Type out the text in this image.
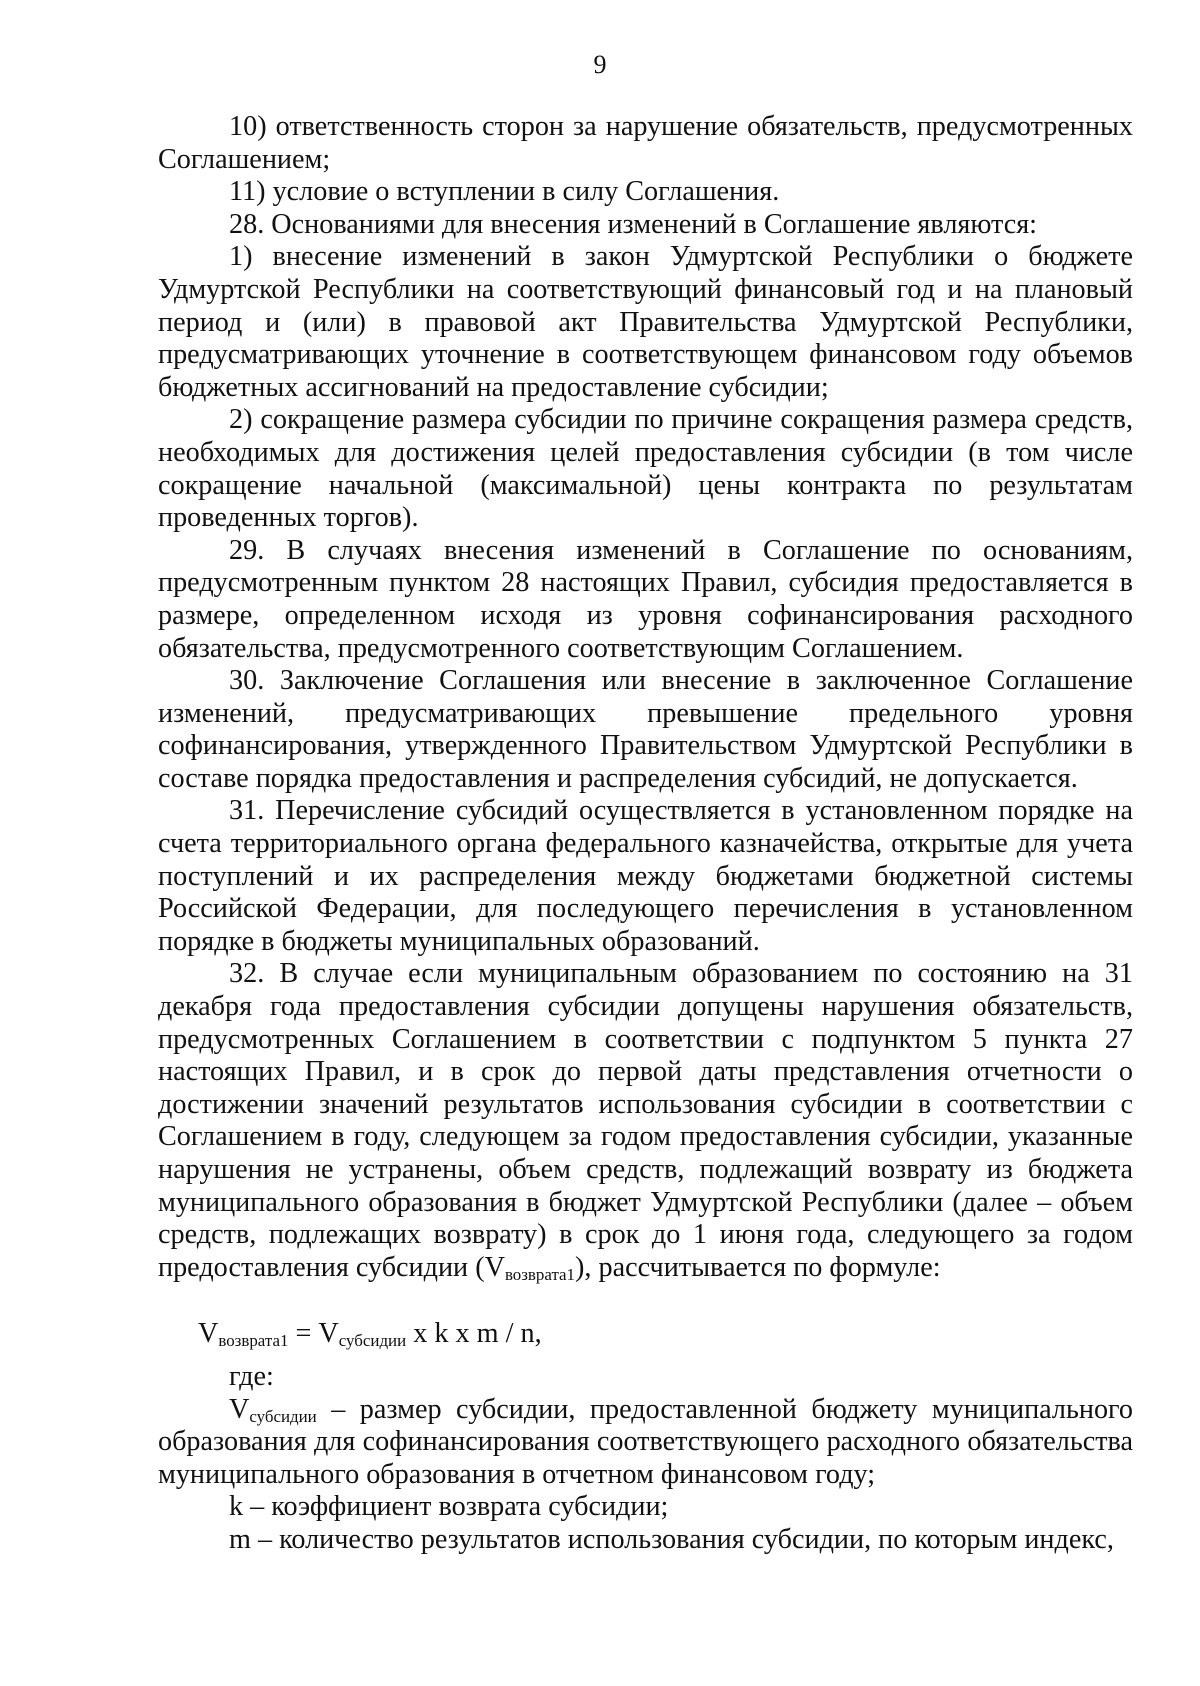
9

10) ответственность сторон за нарушение обязательств, предусмотренных Соглашением;

11) условие о вступлении в силу Соглашения.

28. Основаниями для внесения изменений в Соглашение являются:

1) внесение изменений в закон Удмуртской Республики о бюджете Удмуртской Республики на соответствующий финансовый год и на плановый период и (или) в правовой акт Правительства Удмуртской Республики, предусматривающих уточнение в соответствующем финансовом году объемов бюджетных ассигнований на предоставление субсидии;

2) сокращение размера субсидии по причине сокращения размера средств, необходимых для достижения целей предоставления субсидии (в том числе сокращение начальной (максимальной) цены контракта по результатам проведенных торгов).

29. В случаях внесения изменений в Соглашение по основаниям, предусмотренным пунктом 28 настоящих Правил, субсидия предоставляется в размере, определенном исходя из уровня софинансирования расходного обязательства, предусмотренного соответствующим Соглашением.

30. Заключение Соглашения или внесение в заключенное Соглашение изменений, предусматривающих превышение предельного уровня софинансирования, утвержденного Правительством Удмуртской Республики в составе порядка предоставления и распределения субсидий, не допускается.

31. Перечисление субсидий осуществляется в установленном порядке на счета территориального органа федерального казначейства, открытые для учета поступлений и их распределения между бюджетами бюджетной системы Российской Федерации, для последующего перечисления в установленном порядке в бюджеты муниципальных образований.

32. В случае если муниципальным образованием по состоянию на 31 декабря года предоставления субсидии допущены нарушения обязательств, предусмотренных Соглашением в соответствии с подпунктом 5 пункта 27 настоящих Правил, и в срок до первой даты представления отчетности о достижении значений результатов использования субсидии в соответствии с Соглашением в году, следующем за годом предоставления субсидии, указанные нарушения не устранены, объем средств, подлежащий возврату из бюджета муниципального образования в бюджет Удмуртской Республики (далее – объем средств, подлежащих возврату) в срок до 1 июня года, следующего за годом предоставления субсидии $(V_{возврата1})$, рассчитывается по формуле:

$V_{возврата1} = V_{субсидии}$ x k x m / n,

где:

$V_{субсидии}$ – размер субсидии, предоставленной бюджету муниципального образования для софинансирования соответствующего расходного обязательства муниципального образования в отчетном финансовом году;

k – коэффициент возврата субсидии;

m – количество результатов использования субсидии, по которым индекс,
